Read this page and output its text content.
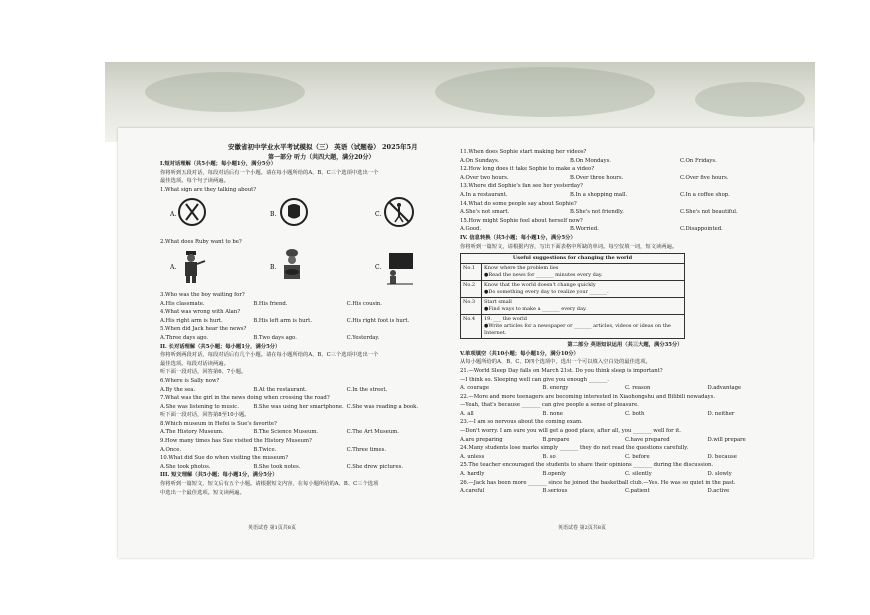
安徽省初中学业水平考试模拟（三） 英语（试题卷） 2025年5月
第一部分 听力（共四大题，满分20分）
I.短对话理解（共5小题；每小题1分，满分5分）
你将听到五段对话，每段对话后有一个小题。请在每小题所给的A、B、C三个选项中选出一个
最佳选项。每个句子读两遍。
1.What sign are they talking about?
A.	B.	C.
2.What does Ruby want to be?
A.	B.	C.
3.Who was the boy waiting for?
A.His classmate.	B.His friend.	C.His cousin.
4.What was wrong with Alan?
A.His right arm is hurt.	B.His left arm is hurt.	C.His right foot is hurt.
5.When did Jack hear the news?
A.Three days ago.	B.Two days ago.	C.Yesterday.
II. 长对话理解（共5小题；每小题1分，满分5分）
你将听到两段对话，每段对话后有几个小题。请在每小题所给的A、B、C三个选项中选出一个
最佳选项。每段对话读两遍。
听下面一段对话，回答第6、7小题。
6.Where is Sally now?
A.By the sea.	B.At the restaurant.	C.In the street.
7.What was the girl in the news doing when crossing the road?
A.She was listening to music.	B.She was using her smartphone. C.She was reading a book.
听下面一段对话，回答第8至10小题。
8.Which museum in Hefei is Sue's favorite?
A.The History Museum.	B.The Science Museum.	C.The Art Museum.
9.How many times has Sue visited the History Museum?
A.Once.	B.Twice.	C.Three times.
10.What did Sue do when visiting the museum?
A.She took photos.	B.She took notes.	C.She drew pictures.
III. 短文理解（共5小题；每小题1分，满分5分）
你将听到一篇短文，短文后有五个小题。请根据短文内容，在每小题所给的A、B、C三个选项
中选出一个最佳选项。短文读两遍。
11.When does Sophie start making her videos?
A.On Sundays.	B.On Mondays.	C.On Fridays.
12.How long does it take Sophie to make a video?
A.Over two hours.	B.Over three hours.	C.Over five hours.
13.Where did Sophie's fan see her yesterday?
A.In a restaurant.	B.In a shopping mall.	C.In a coffee shop.
14.What do some people say about Sophie?
A.She's not smart.	B.She's not friendly.	C.She's not beautiful.
15.How might Sophie feel about herself now?
A.Good.	B.Worried.	C.Disappointed.
IV. 信息转换（共5小题；每小题1分，满分5分）
你将听到一篇短文，请根据内容，写出下面表格中所缺的单词。每空仅填一词，短文读两遍。
Useful suggestions for changing the world	
No.1	Know where the problem lies
●Read the news for _______ minutes every day.

No.2	Know that the world doesn't change quickly
●Do something every day to realize your _______.

No.3	Start small
●Find ways to make a _______ every day.

No.4	19. ___ the world
●Write articles for a newspaper or _______ articles, videos or ideas on the Internet.
第二部分 英语知识运用（共三大题，满分35分）
V.单项填空（共10小题；每小题1分，满分10分）
从每小题所给的A、B、C、D四个选项中，选出一个可以填入空白处的最佳选项。
21.—World Sleep Day falls on March 21st. Do you think sleep is important?
—I think so. Sleeping well can give you enough _______.
A. courage	B. energy	C. reason	D.advantage
22.—More and more teenagers are becoming interested in Xiaohongshu and Bilibili nowadays.
—Yeah, that's because _______ can give people a sense of pleasure.
A. all	B. none	C. both	D. neither
23.—I am so nervous about the coming exam.
—Don't worry. I am sure you will get a good place, after all, you _______ well for it.
A.are preparing	B.prepare	C.have prepared	D.will prepare
24.Many students lose marks simply _______ they do not read the questions carefully.
A. unless	B. so	C. before	D. because
25.The teacher encouraged the students to share their opinions _______ during the discussion.
A. hardly	B.openly	C. silently	D. slowly
26.—Jack has been more _______ since he joined the basketball club.—Yes. He was so quiet in the past.
A.careful	B.serious	C.patient	D.active
英语试卷 第1页共8页	英语试卷 第2页共8页
